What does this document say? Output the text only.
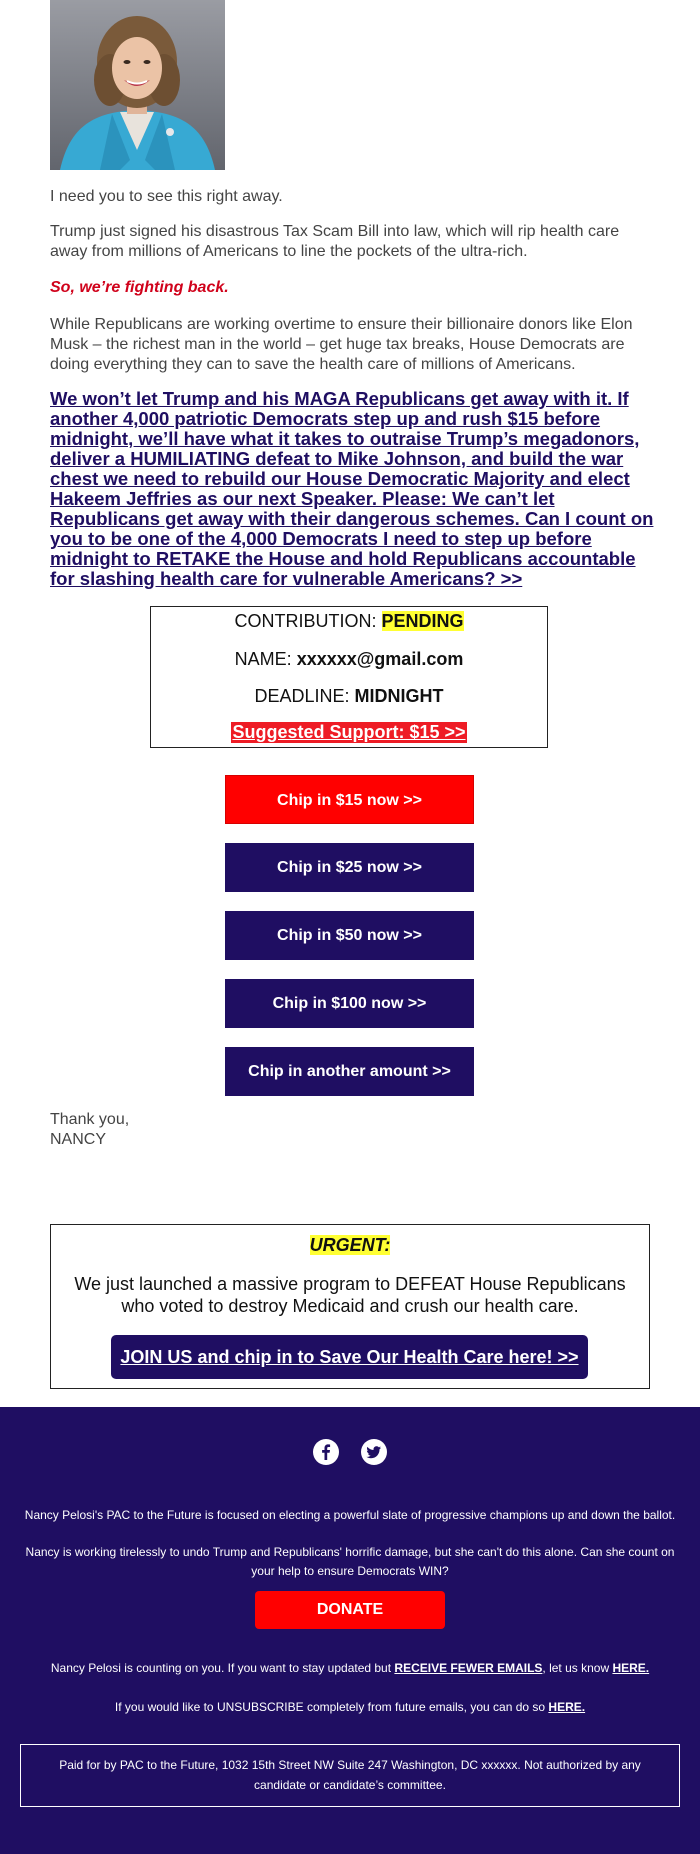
I need you to see this right away.

Trump just signed his disastrous Tax Scam Bill into law, which will rip health care away from millions of Americans to line the pockets of the ultra-rich.

So, we’re fighting back.

While Republicans are working overtime to ensure their billionaire donors like Elon Musk – the richest man in the world – get huge tax breaks, House Democrats are doing everything they can to save the health care of millions of Americans.

We won’t let Trump and his MAGA Republicans get away with it. If another 4,000 patriotic Democrats step up and rush $15 before midnight, we’ll have what it takes to outraise Trump’s megadonors, deliver a HUMILIATING defeat to Mike Johnson, and build the war chest we need to rebuild our House Democratic Majority and elect Hakeem Jeffries as our next Speaker. Please: We can’t let Republicans get away with their dangerous schemes. Can I count on you to be one of the 4,000 Democrats I need to step up before midnight to RETAKE the House and hold Republicans accountable for slashing health care for vulnerable Americans? >>
CONTRIBUTION: PENDING
NAME: xxxxxx@gmail.com
DEADLINE: MIDNIGHT
Suggested Support: $15 >>
Chip in $15 now >>
Chip in $25 now >>
Chip in $50 now >>
Chip in $100 now >>
Chip in another amount >>
Thank you,
NANCY
URGENT:
We just launched a massive program to DEFEAT House Republicans who voted to destroy Medicaid and crush our health care.
JOIN US and chip in to Save Our Health Care here! >>
Nancy Pelosi's PAC to the Future is focused on electing a powerful slate of progressive champions up and down the ballot.
Nancy is working tirelessly to undo Trump and Republicans' horrific damage, but she can't do this alone. Can she count on your help to ensure Democrats WIN?
DONATE
Nancy Pelosi is counting on you. If you want to stay updated but RECEIVE FEWER EMAILS, let us know HERE.
If you would like to UNSUBSCRIBE completely from future emails, you can do so HERE.
Paid for by PAC to the Future, 1032 15th Street NW Suite 247 Washington, DC xxxxxx. Not authorized by any candidate or candidate’s committee.
